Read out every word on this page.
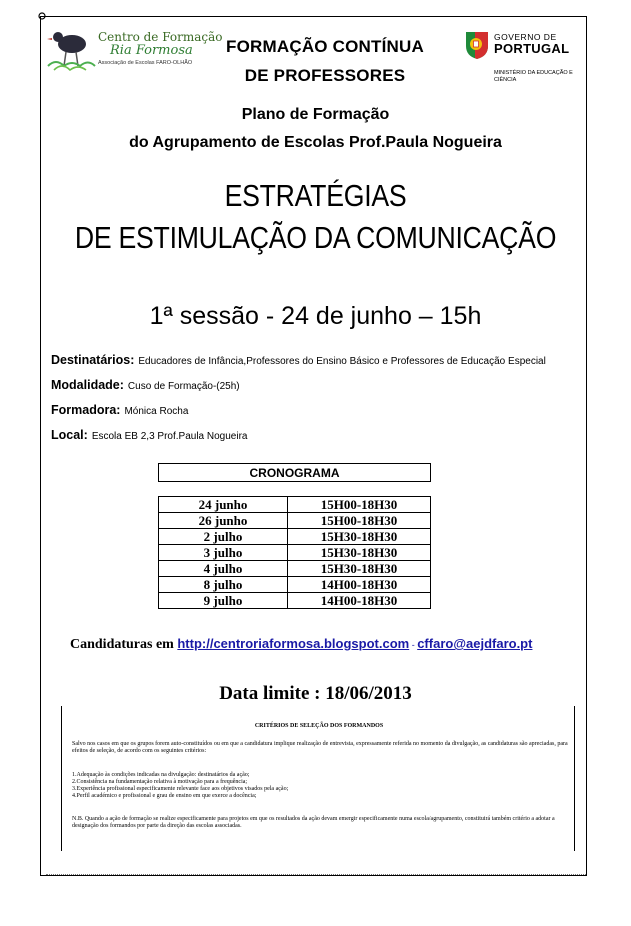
Centro de Formação
Ria Formosa
Associação de Escolas FARO-OLHÃO
FORMAÇÃO CONTÍNUA
DE PROFESSORES
GOVERNO DE
PORTUGAL
MINISTÉRIO DA EDUCAÇÃO E CIÊNCIA
Plano de Formação
do Agrupamento de Escolas Prof.Paula Nogueira
ESTRATÉGIAS
DE ESTIMULAÇÃO DA COMUNICAÇÃO
1ª sessão - 24 de junho – 15h
Destinatários: Educadores de Infância,Professores do Ensino Básico e Professores de Educação Especial
Modalidade: Cuso de Formação-(25h)
Formadora: Mónica Rocha
Local: Escola EB 2,3 Prof.Paula Nogueira
CRONOGRAMA
24 junho	15H00-18H30
26 junho	15H00-18H30
2 julho	15H30-18H30
3 julho	15H30-18H30
4 julho	15H30-18H30
8 julho	14H00-18H30
9 julho	14H00-18H30
Candidaturas em http://centroriaformosa.blogspot.com - cffaro@aejdfaro.pt
Data limite : 18/06/2013
CRITÉRIOS DE SELEÇÃO DOS FORMANDOS
Salvo nos casos em que os grupos forem auto-constituídos ou em que a candidatura implique realização de entrevista, expressamente referida no momento da divulgação, as candidaturas são apreciadas, para efeitos de seleção, de acordo com os seguintes critérios:
1.Adequação às condições indicadas na divulgação: destinatários da ação;
2.Consistência na fundamentação relativa à motivação para a frequência;
3.Experiência profissional especificamente relevante face aos objetivos visados pela ação;
4.Perfil académico e profissional e grau de ensino em que exerce a docência;
N.B. Quando a ação de formação se realize especificamente para projetos em que os resultados da ação devam emergir especificamente numa escola/agrupamento, constituirá também critério a adotar a designação dos formandos por parte da direção das escolas associadas.
